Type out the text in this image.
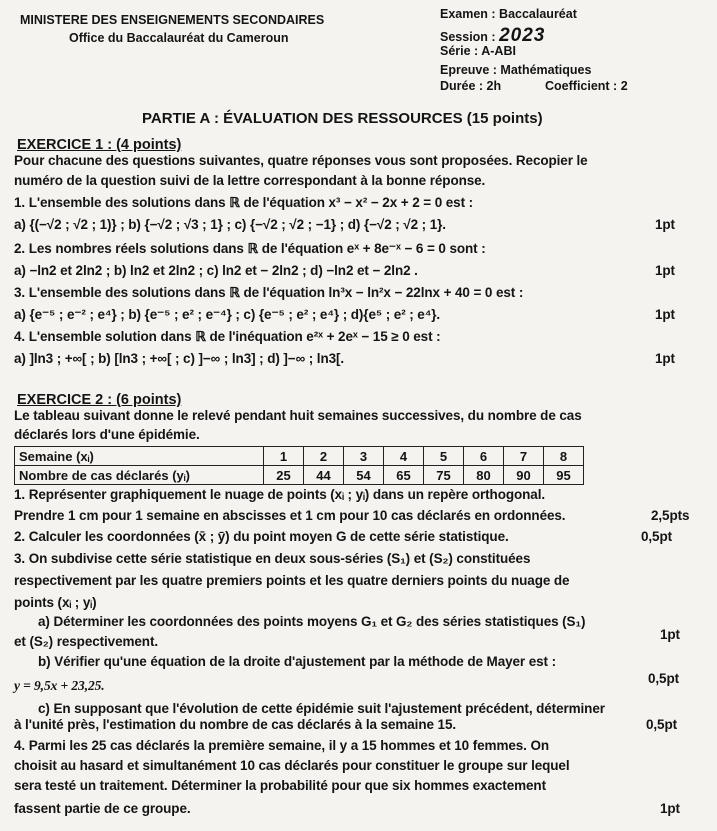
MINISTERE DES ENSEIGNEMENTS SECONDAIRES
Office du Baccalauréat du Cameroun
Examen : Baccalauréat
Session : 2023
Série : A-ABI
Epreuve : Mathématiques
Durée : 2h	Coefficient : 2
PARTIE A : ÉVALUATION DES RESSOURCES (15 points)
EXERCICE 1 : (4 points)
Pour chacune des questions suivantes, quatre réponses vous sont proposées. Recopier le
numéro de la question suivi de la lettre correspondant à la bonne réponse.
1. L'ensemble des solutions dans ℝ de l'équation x³ − x² − 2x + 2 = 0 est :
a) {(−√2 ; √2 ; 1)} ; b) {−√2 ; √3 ; 1} ; c) {−√2 ; √2 ; −1} ; d) {−√2 ; √2 ; 1}.	1pt
2. Les nombres réels solutions dans ℝ de l'équation eˣ + 8e⁻ˣ − 6 = 0 sont :
a) −ln2 et 2ln2 ; b) ln2 et 2ln2 ; c) ln2 et − 2ln2 ; d) −ln2 et − 2ln2 .	1pt
3. L'ensemble des solutions dans ℝ de l'équation ln³x − ln²x − 22lnx + 40 = 0 est :
a) {e⁻⁵ ; e⁻² ; e⁴} ; b) {e⁻⁵ ; e² ; e⁻⁴} ; c) {e⁻⁵ ; e² ; e⁴} ; d){e⁵ ; e² ; e⁴}.	1pt
4. L'ensemble solution dans ℝ de l'inéquation e²ˣ + 2eˣ − 15 ≥ 0 est :
a) ]ln3 ; +∞[ ; b) [ln3 ; +∞[ ; c) ]−∞ ; ln3] ; d) ]−∞ ; ln3[.	1pt
EXERCICE 2 : (6 points)
Le tableau suivant donne le relevé pendant huit semaines successives, du nombre de cas
déclarés lors d'une épidémie.
Semaine (xᵢ)	1	2	3	4	5	6	7	8
Nombre de cas déclarés (yᵢ)	25	44	54	65	75	80	90	95
1. Représenter graphiquement le nuage de points (xᵢ ; yᵢ) dans un repère orthogonal.
Prendre 1 cm pour 1 semaine en abscisses et 1 cm pour 10 cas déclarés en ordonnées.	2,5pts
2. Calculer les coordonnées (x̄ ; ȳ) du point moyen G de cette série statistique.	0,5pt
3. On subdivise cette série statistique en deux sous-séries (S₁) et (S₂) constituées
respectivement par les quatre premiers points et les quatre derniers points du nuage de
points (xᵢ ; yᵢ)
a) Déterminer les coordonnées des points moyens G₁ et G₂ des séries statistiques (S₁)
et (S₂) respectivement.	1pt
b) Vérifier qu'une équation de la droite d'ajustement par la méthode de Mayer est :
y = 9,5x + 23,25.	0,5pt
c) En supposant que l'évolution de cette épidémie suit l'ajustement précédent, déterminer
à l'unité près, l'estimation du nombre de cas déclarés à la semaine 15.	0,5pt
4. Parmi les 25 cas déclarés la première semaine, il y a 15 hommes et 10 femmes. On
choisit au hasard et simultanément 10 cas déclarés pour constituer le groupe sur lequel
sera testé un traitement. Déterminer la probabilité pour que six hommes exactement
fassent partie de ce groupe.	1pt
